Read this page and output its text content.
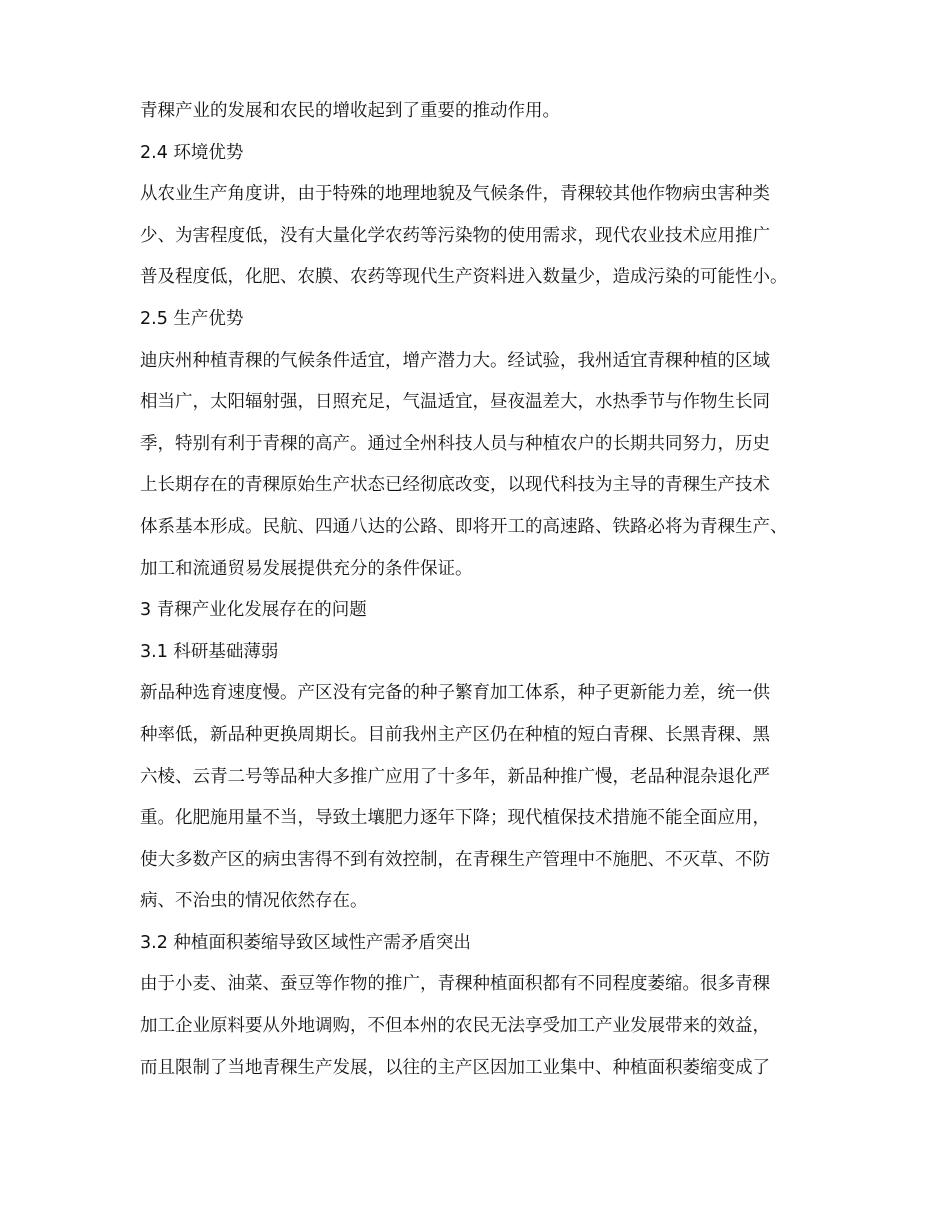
青稞产业的发展和农民的增收起到了重要的推动作用。
2.4 环境优势
从农业生产角度讲，由于特殊的地理地貌及气候条件，青稞较其他作物病虫害种类
少、为害程度低，没有大量化学农药等污染物的使用需求，现代农业技术应用推广
普及程度低，化肥、农膜、农药等现代生产资料进入数量少，造成污染的可能性小。
2.5 生产优势
迪庆州种植青稞的气候条件适宜，增产潜力大。经试验，我州适宜青稞种植的区域
相当广，太阳辐射强，日照充足，气温适宜，昼夜温差大，水热季节与作物生长同
季，特别有利于青稞的高产。通过全州科技人员与种植农户的长期共同努力，历史
上长期存在的青稞原始生产状态已经彻底改变，以现代科技为主导的青稞生产技术
体系基本形成。民航、四通八达的公路、即将开工的高速路、铁路必将为青稞生产、
加工和流通贸易发展提供充分的条件保证。
3 青稞产业化发展存在的问题
3.1 科研基础薄弱
新品种选育速度慢。产区没有完备的种子繁育加工体系，种子更新能力差，统一供
种率低，新品种更换周期长。目前我州主产区仍在种植的短白青稞、长黑青稞、黑
六棱、云青二号等品种大多推广应用了十多年，新品种推广慢，老品种混杂退化严
重。化肥施用量不当，导致土壤肥力逐年下降；现代植保技术措施不能全面应用，
使大多数产区的病虫害得不到有效控制，在青稞生产管理中不施肥、不灭草、不防
病、不治虫的情况依然存在。
3.2 种植面积萎缩导致区域性产需矛盾突出
由于小麦、油菜、蚕豆等作物的推广，青稞种植面积都有不同程度萎缩。很多青稞
加工企业原料要从外地调购，不但本州的农民无法享受加工产业发展带来的效益，
而且限制了当地青稞生产发展，以往的主产区因加工业集中、种植面积萎缩变成了
